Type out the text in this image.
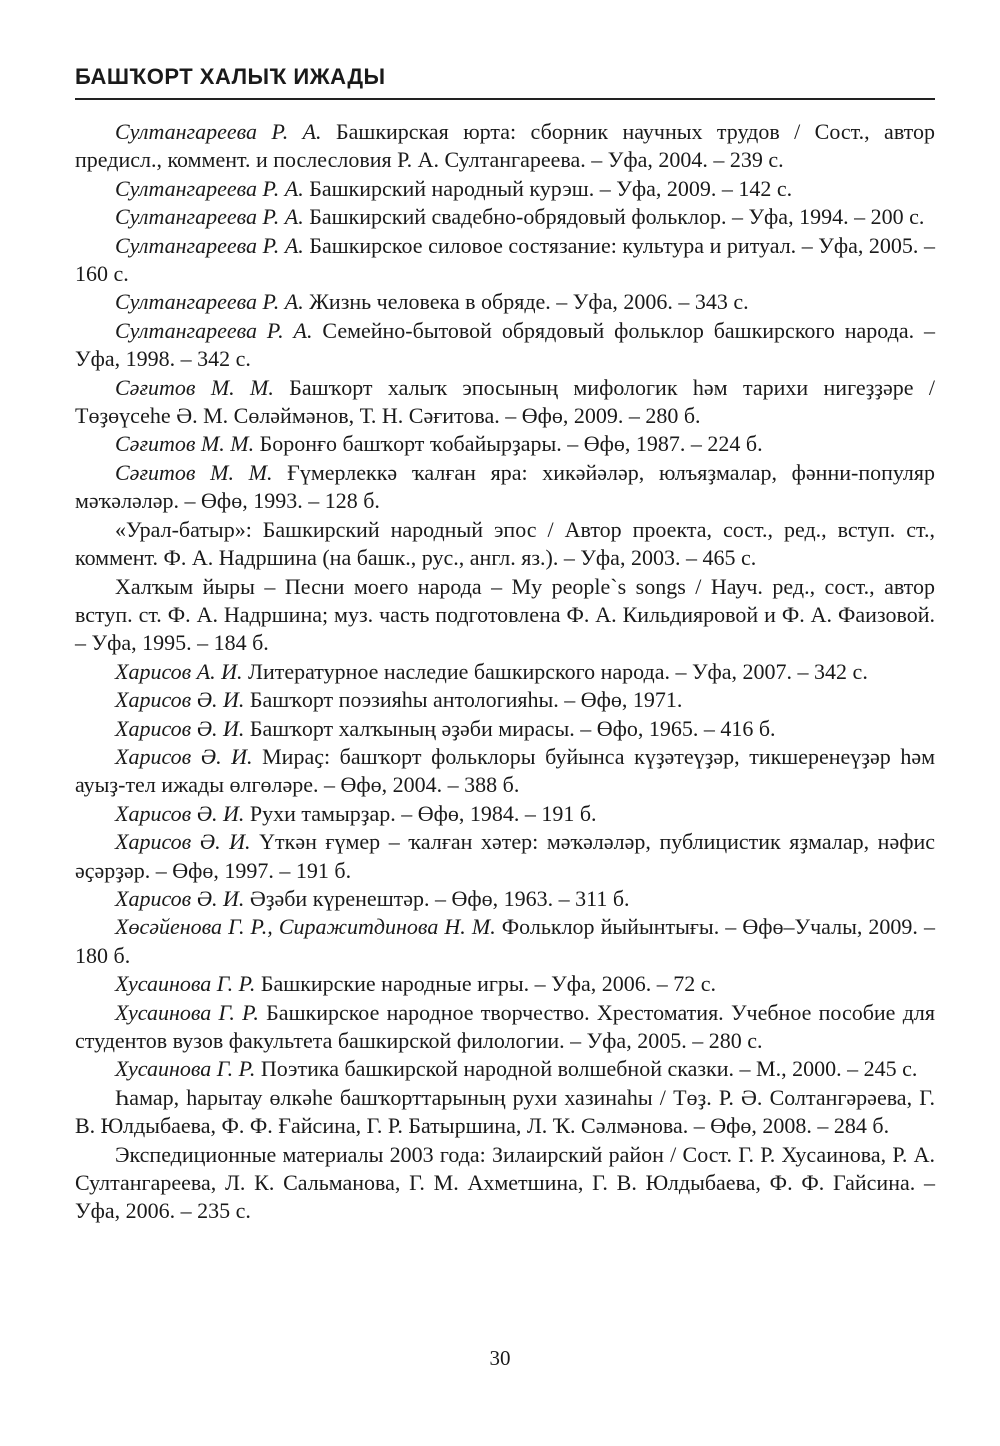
БАШҠОРТ ХАЛЫҠ ИЖАДЫ

Султангареева Р. А. Башкирская юрта: сборник научных трудов / Сост., автор предисл., коммент. и послесловия Р. А. Султангареева. – Уфа, 2004. – 239 с.

Султангареева Р. А. Башкирский народный курэш. – Уфа, 2009. – 142 с.

Султангареева Р. А. Башкирский свадебно-обрядовый фольклор. – Уфа, 1994. – 200 с.

Султангареева Р. А. Башкирское силовое состязание: культура и ритуал. – Уфа, 2005. – 160 с.

Султангареева Р. А. Жизнь человека в обряде. – Уфа, 2006. – 343 с.

Султангареева Р. А. Семейно-бытовой обрядовый фольклор башкирского народа. – Уфа, 1998. – 342 с.

Сәғитов М. М. Башҡорт халыҡ эпосының мифологик һәм тарихи нигеҙҙәре / Төҙөүсеһе Ә. М. Сөләймәнов, Т. Н. Сәғитова. – Өфө, 2009. – 280 б.

Сәғитов М. М. Боронғо башҡорт ҡобайырҙары. – Өфө, 1987. – 224 б.

Сәғитов М. М. Ғүмерлеккә ҡалған яра: хикәйәләр, юлъяҙмалар, фәнни-популяр мәҡәләләр. – Өфө, 1993. – 128 б.

«Урал-батыр»: Башкирский народный эпос / Автор проекта, сост., ред., вступ. ст., коммент. Ф. А. Надршина (на башк., рус., англ. яз.). – Уфа, 2003. – 465 с.

Халҡым йыры – Песни моего народа – My people`s songs / Науч. ред., сост., автор вступ. ст. Ф. А. Надршина; муз. часть подготовлена Ф. А. Кильдияровой и Ф. А. Фаизовой. – Уфа, 1995. – 184 б.

Харисов А. И. Литературное наследие башкирского народа. – Уфа, 2007. – 342 с.

Харисов Ә. И. Башҡорт поэзияһы антологияһы. – Өфө, 1971.

Харисов Ә. И. Башҡорт халҡының әҙәби мирасы. – Өфо, 1965. – 416 б.

Харисов Ә. И. Мираҫ: башҡорт фольклоры буйынса күҙәтеүҙәр, тикшеренеүҙәр һәм ауыҙ-тел ижады өлгөләре. – Өфө, 2004. – 388 б.

Харисов Ә. И. Рухи тамырҙар. – Өфө, 1984. – 191 б.

Харисов Ә. И. Үткән ғүмер – ҡалған хәтер: мәҡәләләр, публицистик яҙмалар, нәфис әҫәрҙәр. – Өфө, 1997. – 191 б.

Харисов Ә. И. Әҙәби күренештәр. – Өфө, 1963. – 311 б.

Хөсәйенова Г. Р., Сиражитдинова Н. М. Фольклор йыйынтығы. – Өфө–Учалы, 2009. – 180 б.

Хусаинова Г. Р. Башкирские народные игры. – Уфа, 2006. – 72 с.

Хусаинова Г. Р. Башкирское народное творчество. Хрестоматия. Учебное пособие для студентов вузов факультета башкирской филологии. – Уфа, 2005. – 280 с.

Хусаинова Г. Р. Поэтика башкирской народной волшебной сказки. – М., 2000. – 245 с.

Һамар, һарытау өлкәһе башҡорттарының рухи хазинаһы / Төҙ. Р. Ә. Солтангәрәева, Г. В. Юлдыбаева, Ф. Ф. Ғайсина, Г. Р. Батыршина, Л. Ҡ. Сәлмәнова. – Өфө, 2008. – 284 б.

Экспедиционные материалы 2003 года: Зилаирский район / Сост. Г. Р. Хусаинова, Р. А. Султангареева, Л. К. Сальманова, Г. М. Ахметшина, Г. В. Юлдыбаева, Ф. Ф. Гайсина. – Уфа, 2006. – 235 с.

30
